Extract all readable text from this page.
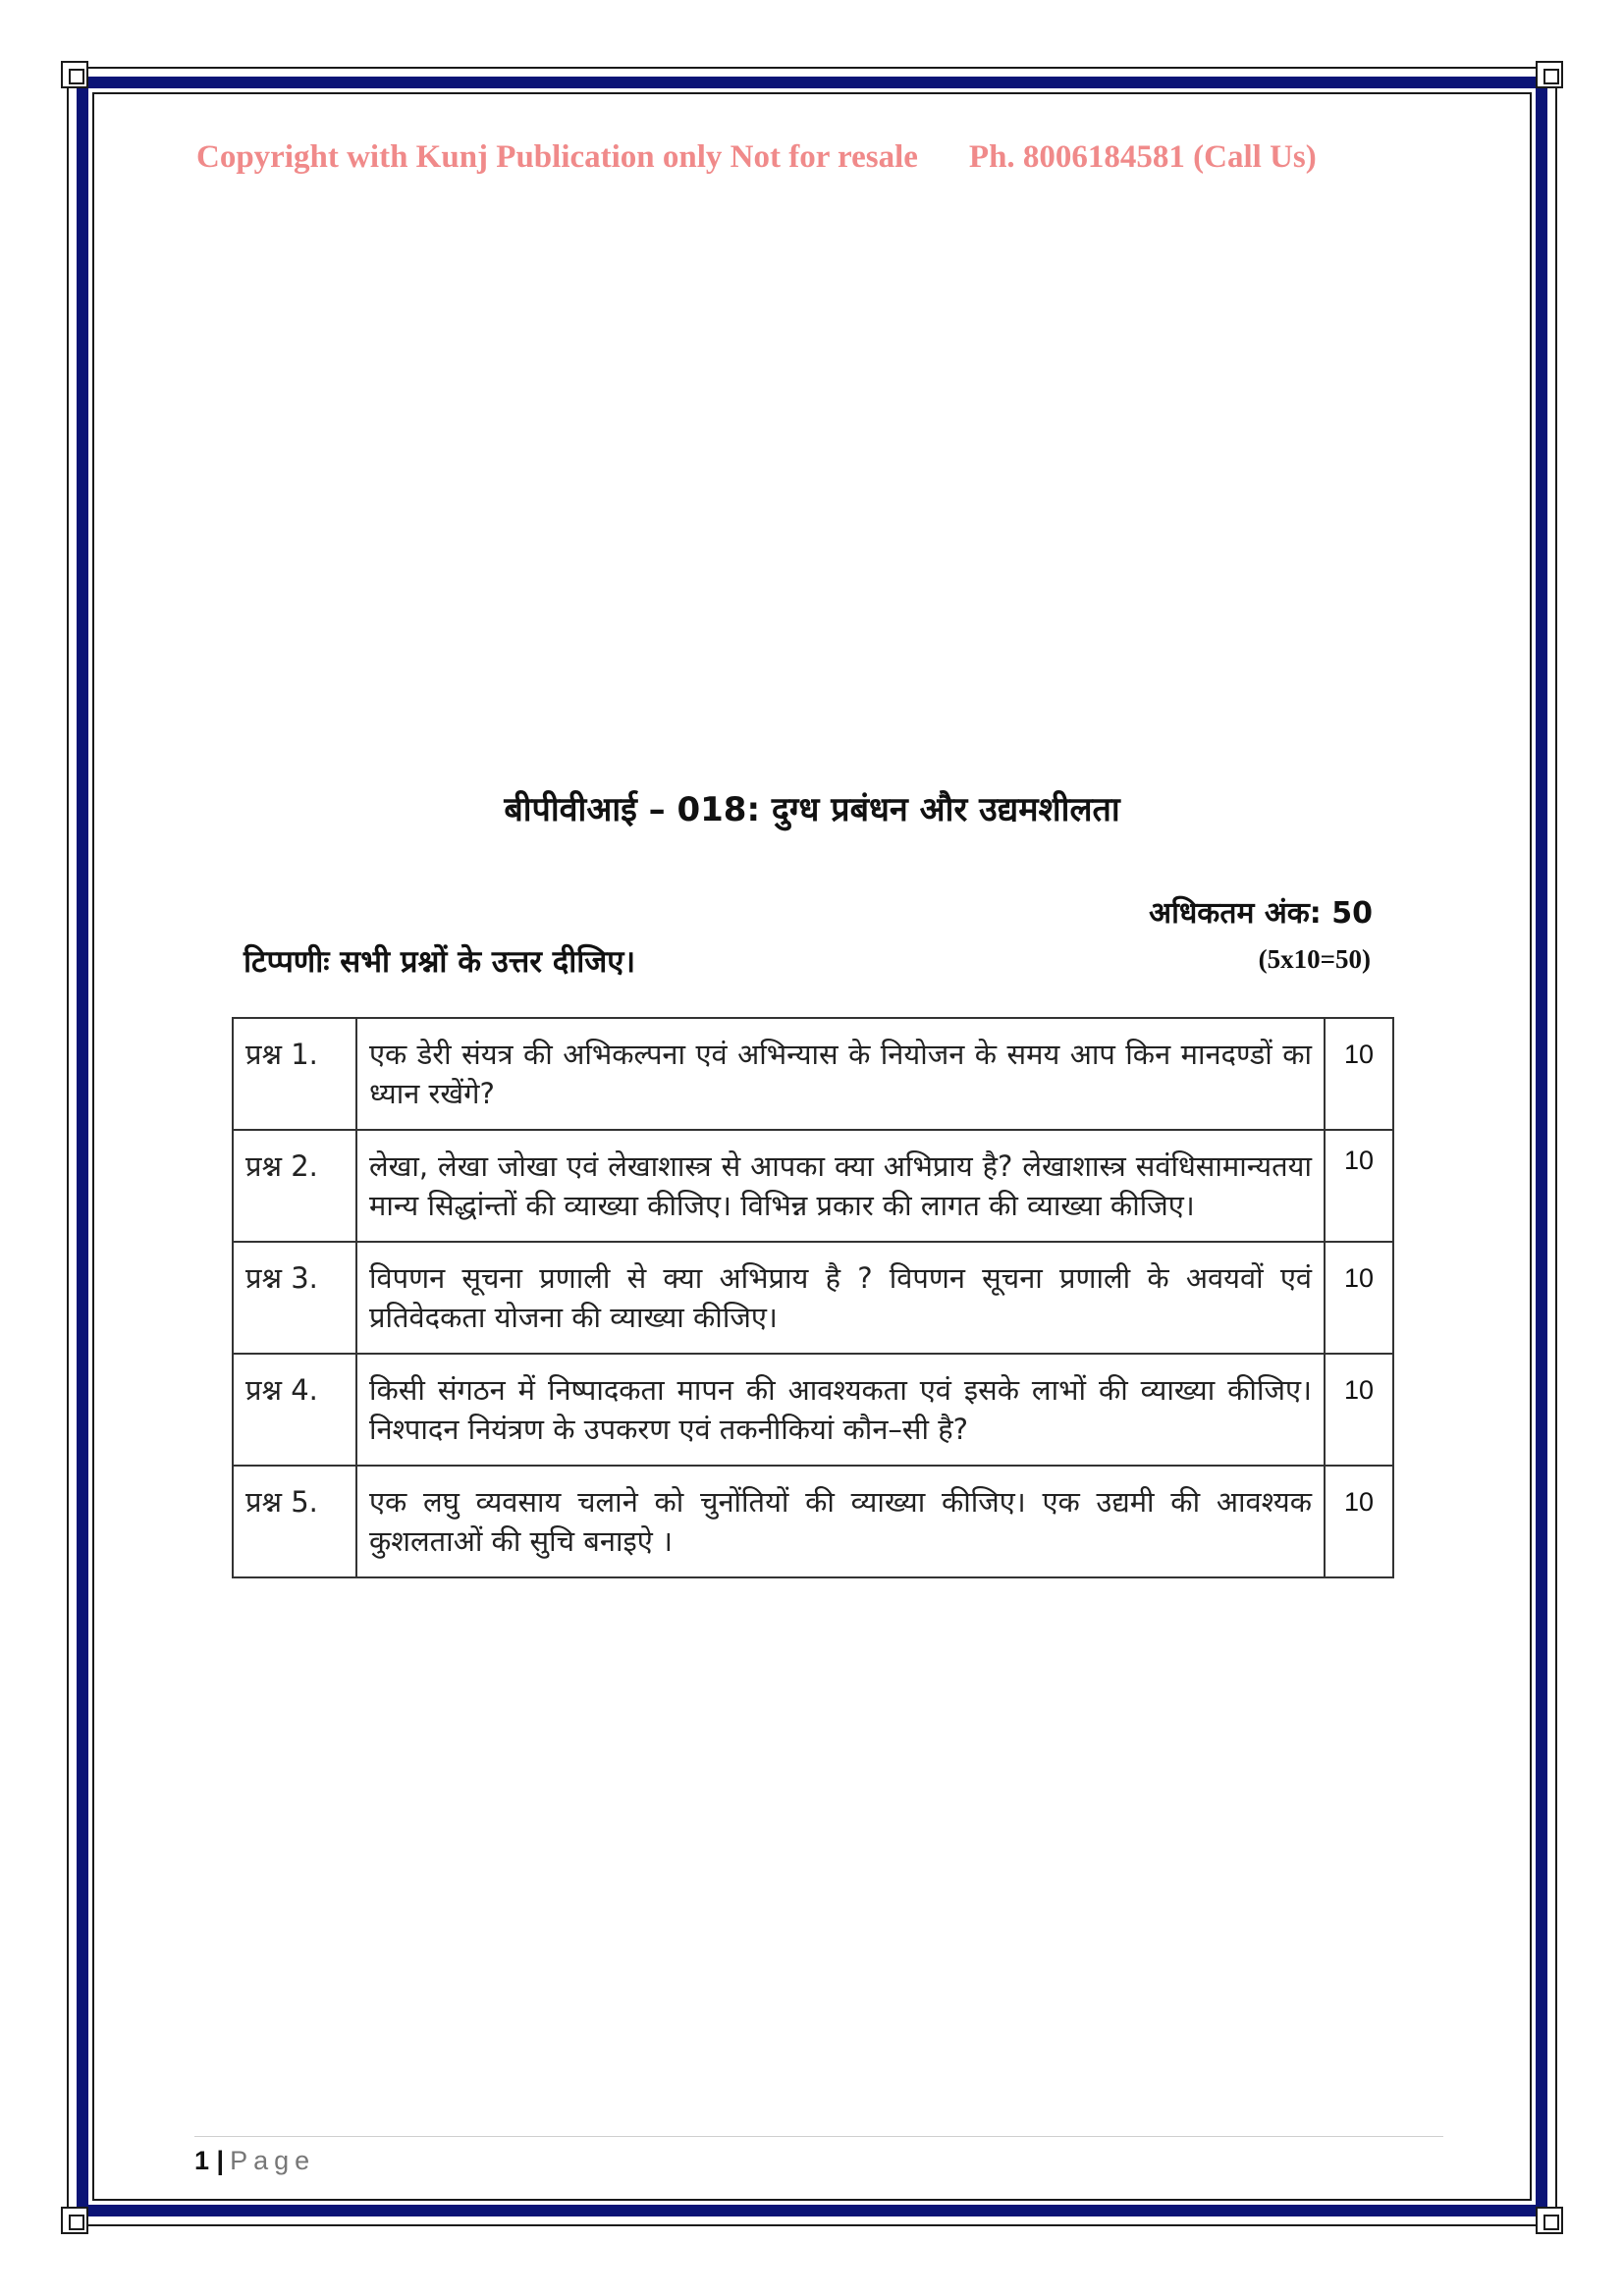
Copyright with Kunj Publication only Not for resale Ph. 8006184581 (Call Us)
बीपीवीआई – 018: दुग्ध प्रबंधन और उद्यमशीलता
अधिकतम अंक: 50
टिप्पणीः सभी प्रश्नों के उत्तर दीजिए।	(5x10=50)
प्रश्न 1.	एक डेरी संयत्र की अभिकल्पना एवं अभिन्यास के नियोजन के समय आप किन मानदण्डों का ध्यान रखेंगे?	10
प्रश्न 2.	लेखा, लेखा जोखा एवं लेखाशास्त्र से आपका क्या अभिप्राय है? लेखाशास्त्र सवंधिसामान्यतया मान्य सिद्धांन्तों की व्याख्या कीजिए। विभिन्न प्रकार की लागत की व्याख्या कीजिए।	10
प्रश्न 3.	विपणन सूचना प्रणाली से क्या अभिप्राय है ? विपणन सूचना प्रणाली के अवयवों एवं प्रतिवेदकता योजना की व्याख्या कीजिए।	10
प्रश्न 4.	किसी संगठन में निष्पादकता मापन की आवश्यकता एवं इसके लाभों की व्याख्या कीजिए। निश्पादन नियंत्रण के उपकरण एवं तकनीकियां कौन–सी है?	10
प्रश्न 5.	एक लघु व्यवसाय चलाने को चुनोंतियों की व्याख्या कीजिए। एक उद्यमी की आवश्यक कुशलताओं की सुचि बनाइऐ ।	10
1 | Page
